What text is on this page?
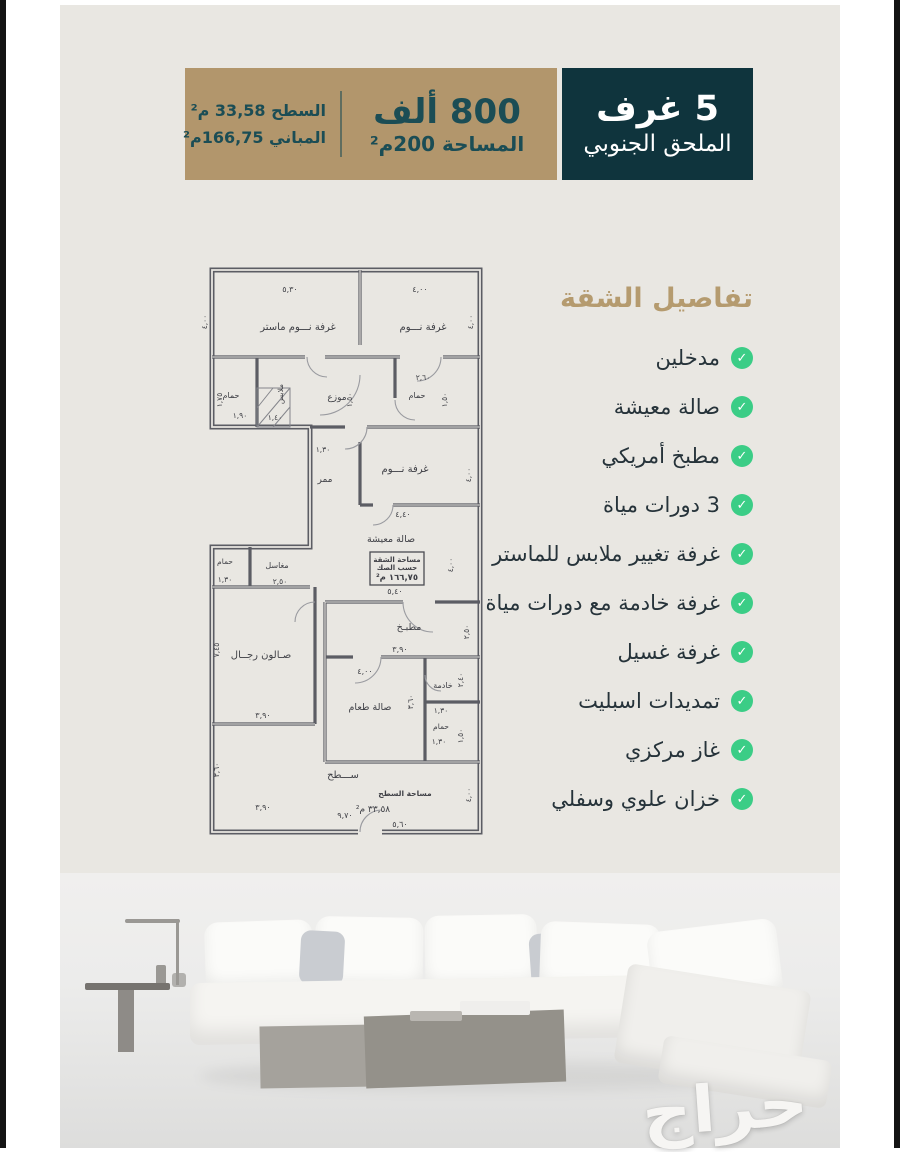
5 غرف
الملحق الجنوبي
800 ألف
المساحة 200م²
السطح 33,58 م²
المباني 166,75م²
غرفة نـــوم ماستر	غرفة نـــوم
٥,٣٠	٤,٠٠
٤,٠٠	٤,٠٠
حمام
١,٧٥
١,٩٠
ملابس
١,٤٠
موزع
١,٥٠	حمام
٢,٦٠
١,٥٠
١,٣٠
ممر
غرفة نـــوم
٤,٤٠
٤,٠٠
صالة معيشة
مساحة الشقة
حسب الصك
١٦٦,٧٥ م²
٥,٤٠
٤,٠٠
حمام
١,٣٠
مغاسل
٢,٥٠
صـالون رجــال
٧,٤٥
٣,٩٠
مطبـخ	٢,٥٠
٣,٩٠
٤,٠٠
صالة طعام ٣,٦٠
خادمة ٢,٤٠
١,٣٠
حمام
١,٣٠ ١,٥٠
ســـطح
مساحة السطح
٣٣,٥٨ م²
٩,٧٠
٥,٦٠
٣,٩٠
٣,٦٠
٤,٠٠
تفاصيل الشقة
✓
مدخلين
✓
صالة معيشة
✓
مطبخ أمريكي
✓
3 دورات مياة
✓
غرفة تغيير ملابس للماستر
✓
غرفة خادمة مع دورات مياة
✓
غرفة غسيل
✓
تمديدات اسبليت
✓
غاز مركزي
✓
خزان علوي وسفلي
حراج
